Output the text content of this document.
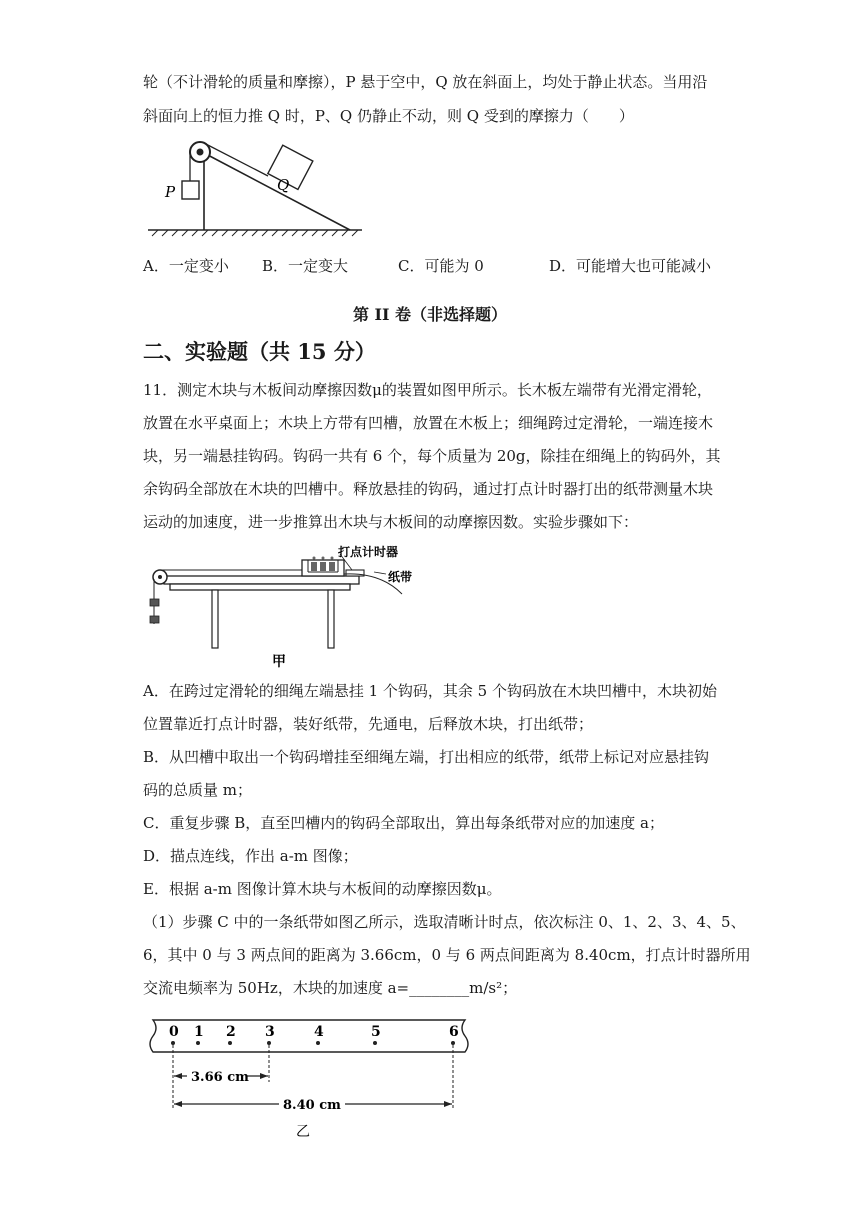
轮（不计滑轮的质量和摩擦），P 悬于空中，Q 放在斜面上，均处于静止状态。当用沿
斜面向上的恒力推 Q 时，P、Q 仍静止不动，则 Q 受到的摩擦力（　　）
P	Q
A．一定变小 B．一定变大	C．可能为 0	D．可能增大也可能减小
第 II 卷（非选择题）
二、实验题（共 15 分）
11．测定木块与木板间动摩擦因数μ的装置如图甲所示。长木板左端带有光滑定滑轮，
放置在水平桌面上；木块上方带有凹槽，放置在木板上；细绳跨过定滑轮，一端连接木
块，另一端悬挂钩码。钩码一共有 6 个，每个质量为 20g，除挂在细绳上的钩码外，其
余钩码全部放在木块的凹槽中。释放悬挂的钩码，通过打点计时器打出的纸带测量木块
运动的加速度，进一步推算出木块与木板间的动摩擦因数。实验步骤如下：
打点计时器
纸带
甲
A．在跨过定滑轮的细绳左端悬挂 1 个钩码，其余 5 个钩码放在木块凹槽中，木块初始
位置靠近打点计时器，装好纸带，先通电，后释放木块，打出纸带；
B．从凹槽中取出一个钩码增挂至细绳左端，打出相应的纸带，纸带上标记对应悬挂钩
码的总质量 m；
C．重复步骤 B，直至凹槽内的钩码全部取出，算出每条纸带对应的加速度 a；
D．描点连线，作出 a-m 图像；
E．根据 a-m 图像计算木块与木板间的动摩擦因数μ。
（1）步骤 C 中的一条纸带如图乙所示，选取清晰计时点，依次标注 0、1、2、3、4、5、
6，其中 0 与 3 两点间的距离为 3.66cm，0 与 6 两点间距离为 8.40cm，打点计时器所用
交流电频率为 50Hz，木块的加速度 a=________m/s²；
0 1 2 3	4	5	6
3.66 cm
8.40 cm
乙
